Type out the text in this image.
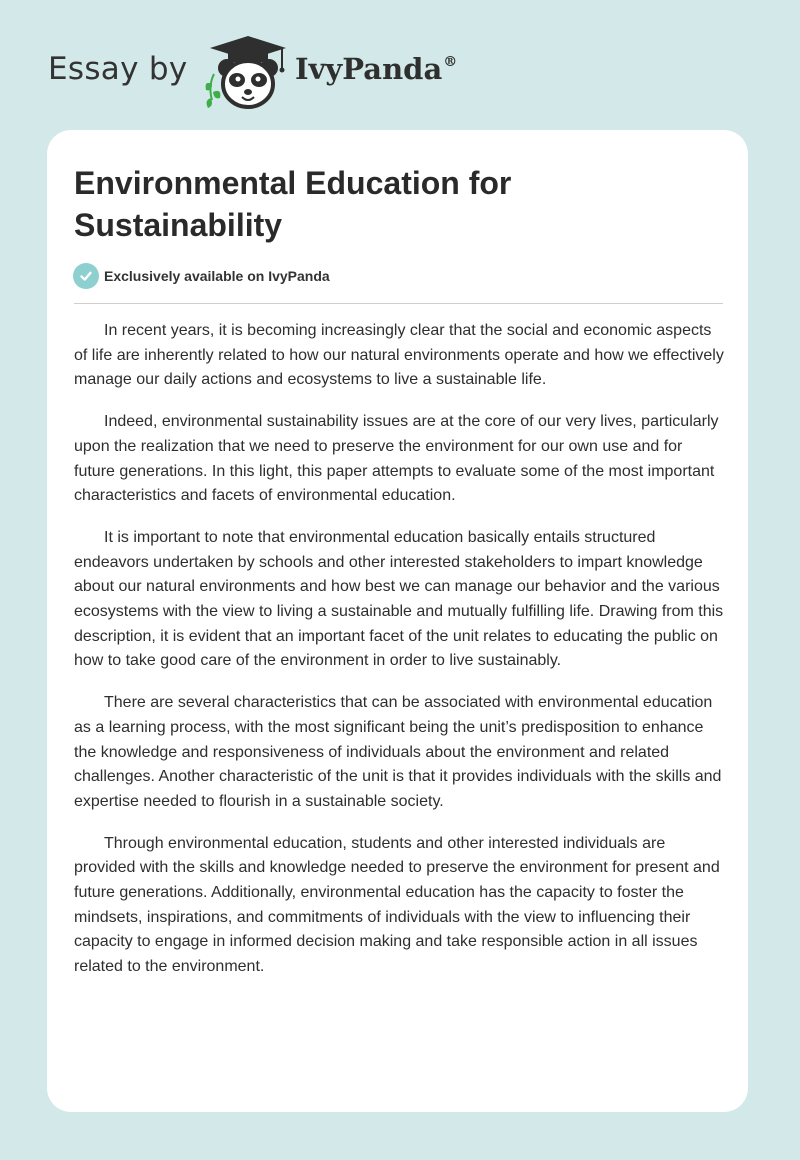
Essay by	IvyPanda®
Environmental Education for Sustainability
Exclusively available on IvyPanda

In recent years, it is becoming increasingly clear that the social and economic aspects of life are inherently related to how our natural environments operate and how we effectively manage our daily actions and ecosystems to live a sustainable life.

Indeed, environmental sustainability issues are at the core of our very lives, particularly upon the realization that we need to preserve the environment for our own use and for future generations. In this light, this paper attempts to evaluate some of the most important characteristics and facets of environmental education.

It is important to note that environmental education basically entails structured endeavors undertaken by schools and other interested stakeholders to impart knowledge about our natural environments and how best we can manage our behavior and the various ecosystems with the view to living a sustainable and mutually fulfilling life. Drawing from this description, it is evident that an important facet of the unit relates to educating the public on how to take good care of the environment in order to live sustainably.

There are several characteristics that can be associated with environmental education as a learning process, with the most significant being the unit’s predisposition to enhance the knowledge and responsiveness of individuals about the environment and related challenges. Another characteristic of the unit is that it provides individuals with the skills and expertise needed to flourish in a sustainable society.

Through environmental education, students and other interested individuals are provided with the skills and knowledge needed to preserve the environment for present and future generations. Additionally, environmental education has the capacity to foster the mindsets, inspirations, and commitments of individuals with the view to influencing their capacity to engage in informed decision making and take responsible action in all issues related to the environment.
